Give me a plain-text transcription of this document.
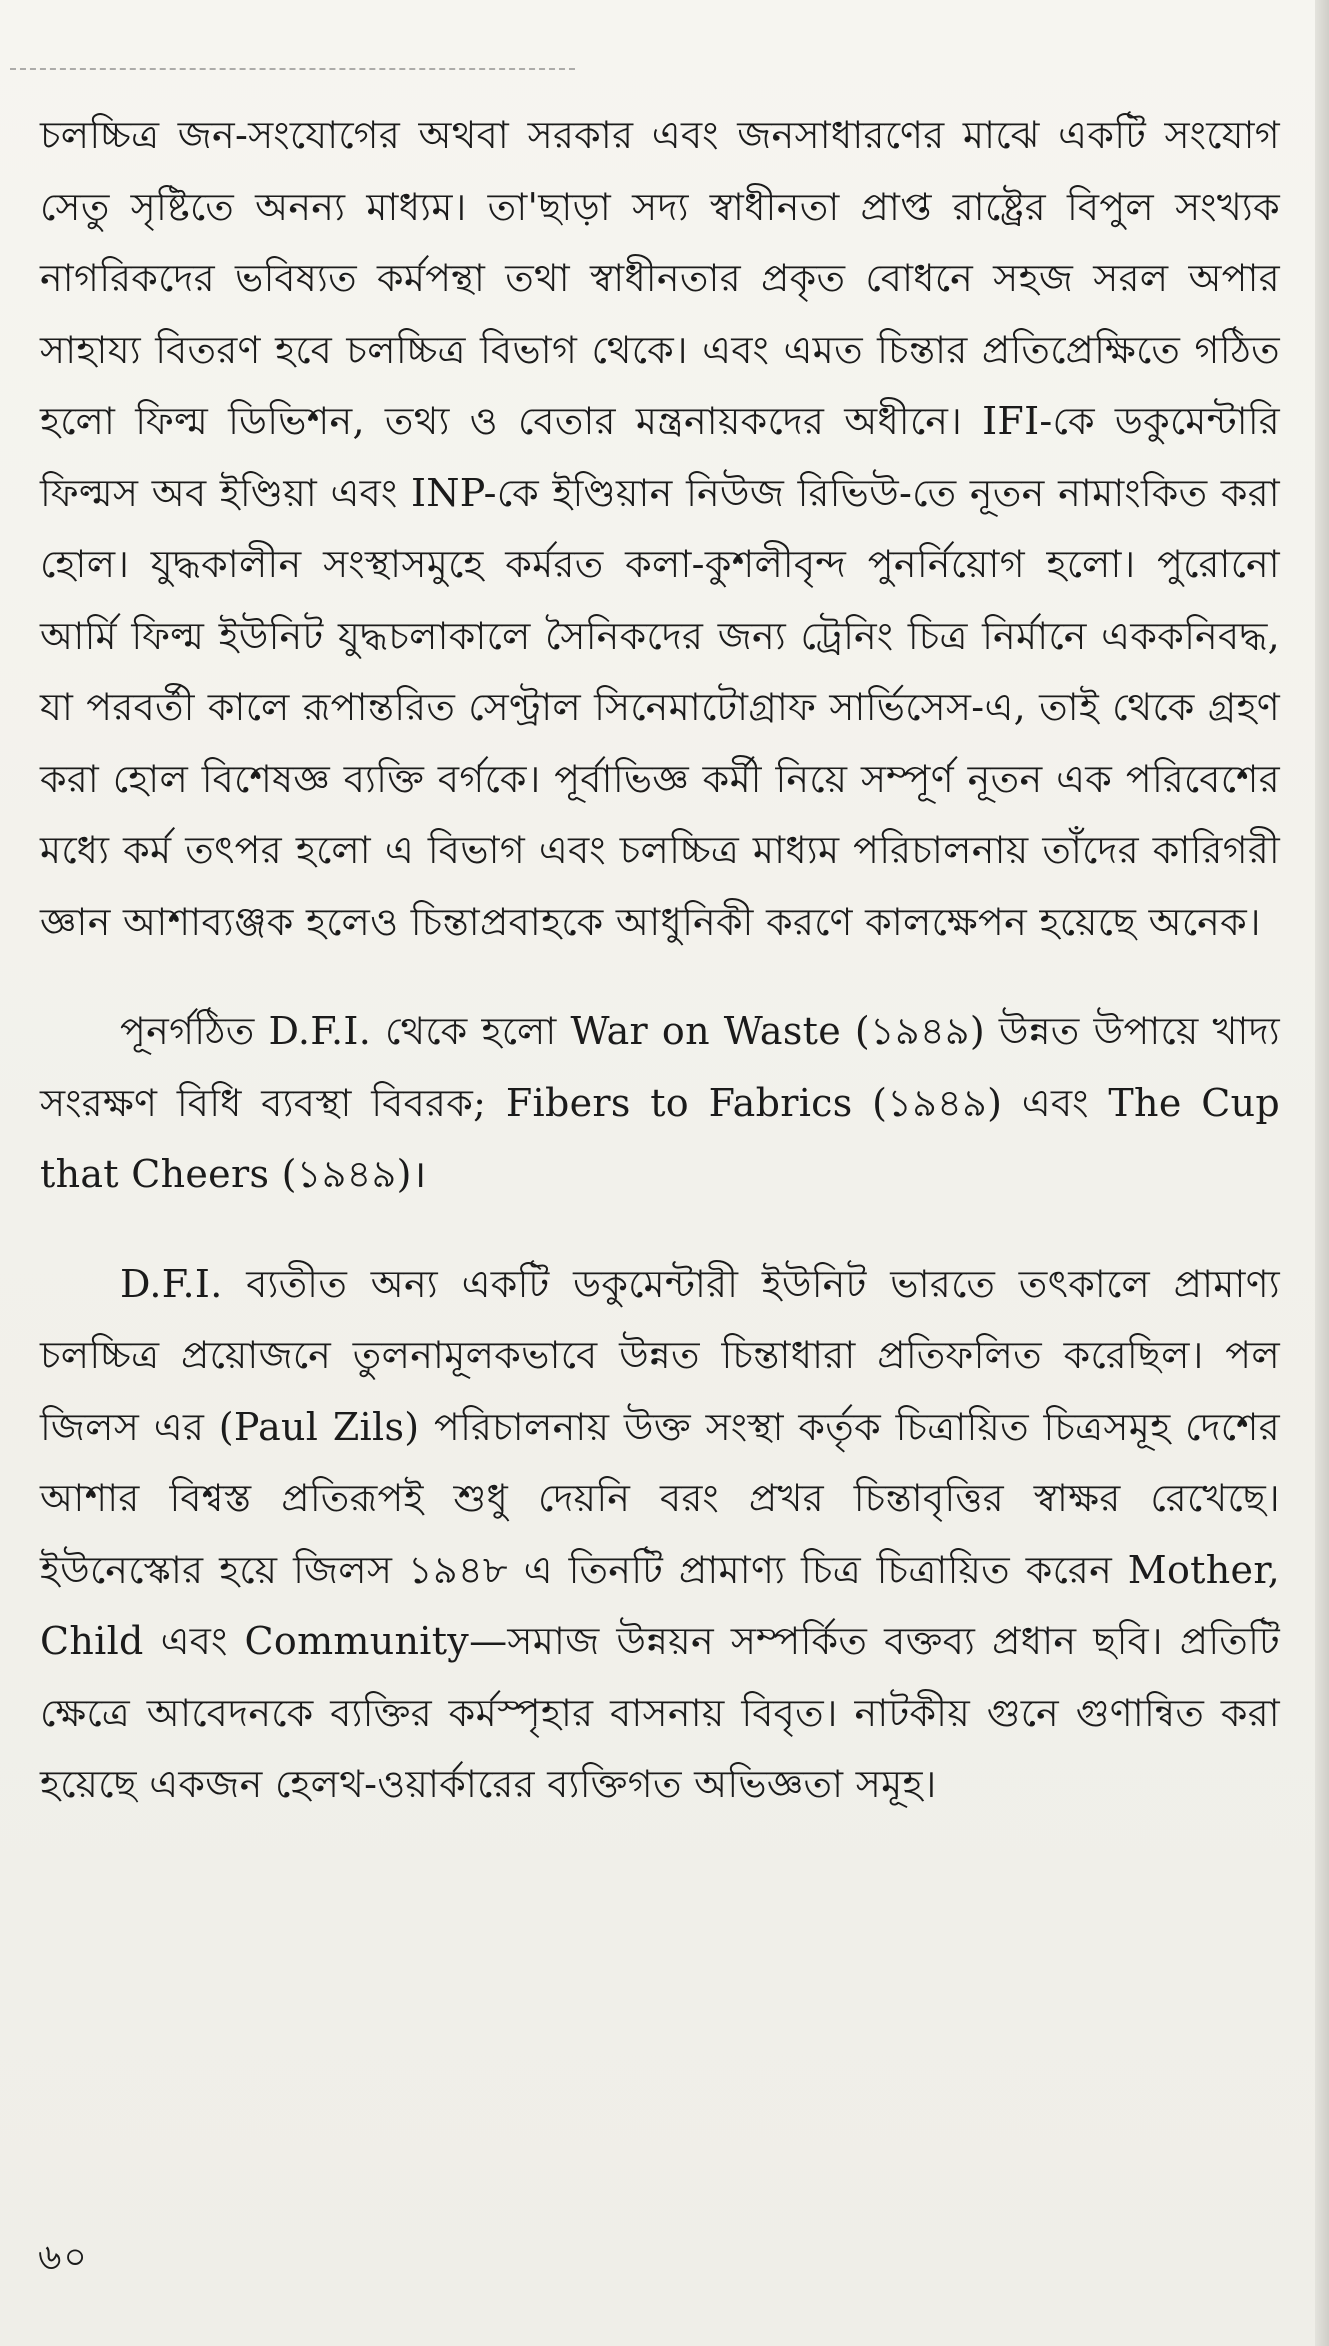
চলচ্চিত্র জন-সংযোগের অথবা সরকার এবং জনসাধারণের মাঝে একটি সংযোগ সেতু সৃষ্টিতে অনন্য মাধ্যম। তা'ছাড়া সদ্য স্বাধীনতা প্রাপ্ত রাষ্ট্রের বিপুল সংখ্যক নাগরিকদের ভবিষ্যত কর্মপন্থা তথা স্বাধীনতার প্রকৃত বোধনে সহজ সরল অপার সাহায্য বিতরণ হবে চলচ্চিত্র বিভাগ থেকে। এবং এমত চিন্তার প্রতিপ্রেক্ষিতে গঠিত হলো ফিল্ম ডিভিশন, তথ্য ও বেতার মন্ত্রনায়কদের অধীনে। IFI-কে ডকুমেন্টারি ফিল্মস অব ইণ্ডিয়া এবং INP-কে ইণ্ডিয়ান নিউজ রিভিউ-তে নূতন নামাংকিত করা হোল। যুদ্ধকালীন সংস্থাসমুহে কর্মরত কলা-কুশলীবৃন্দ পুনর্নিয়োগ হলো। পুরোনো আর্মি ফিল্ম ইউনিট যুদ্ধচলাকালে সৈনিকদের জন্য ট্রেনিং চিত্র নির্মানে এককনিবদ্ধ, যা পরবর্তী কালে রূপান্তরিত সেণ্ট্রাল সিনেমাটোগ্রাফ সার্ভিসেস-এ, তাই থেকে গ্রহণ করা হোল বিশেষজ্ঞ ব্যক্তি বর্গকে। পূর্বাভিজ্ঞ কর্মী নিয়ে সম্পূর্ণ নূতন এক পরিবেশের মধ্যে কর্ম তৎপর হলো এ বিভাগ এবং চলচ্চিত্র মাধ্যম পরিচালনায় তাঁদের কারিগরী জ্ঞান আশাব্যঞ্জক হলেও চিন্তাপ্রবাহকে আধুনিকী করণে কালক্ষেপন হয়েছে অনেক।

পূনর্গঠিত D.F.I. থেকে হলো War on Waste (১৯৪৯) উন্নত উপায়ে খাদ্য সংরক্ষণ বিধি ব্যবস্থা বিবরক; Fibers to Fabrics (১৯৪৯) এবং The Cup that Cheers (১৯৪৯)।

D.F.I. ব্যতীত অন্য একটি ডকুমেন্টারী ইউনিট ভারতে তৎকালে প্রামাণ্য চলচ্চিত্র প্রয়োজনে তুলনামূলকভাবে উন্নত চিন্তাধারা প্রতিফলিত করেছিল। পল জিলস এর (Paul Zils) পরিচালনায় উক্ত সংস্থা কর্তৃক চিত্রায়িত চিত্রসমূহ দেশের আশার বিশ্বস্ত প্রতিরূপই শুধু দেয়নি বরং প্রখর চিন্তাবৃত্তির স্বাক্ষর রেখেছে। ইউনেস্কোর হয়ে জিলস ১৯৪৮ এ তিনটি প্রামাণ্য চিত্র চিত্রায়িত করেন Mother, Child এবং Community—সমাজ উন্নয়ন সম্পর্কিত বক্তব্য প্রধান ছবি। প্রতিটি ক্ষেত্রে আবেদনকে ব্যক্তির কর্মস্পৃহার বাসনায় বিবৃত। নাটকীয় গুনে গুণান্বিত করা হয়েছে একজন হেলথ-ওয়ার্কারের ব্যক্তিগত অভিজ্ঞতা সমূহ।

৬০
